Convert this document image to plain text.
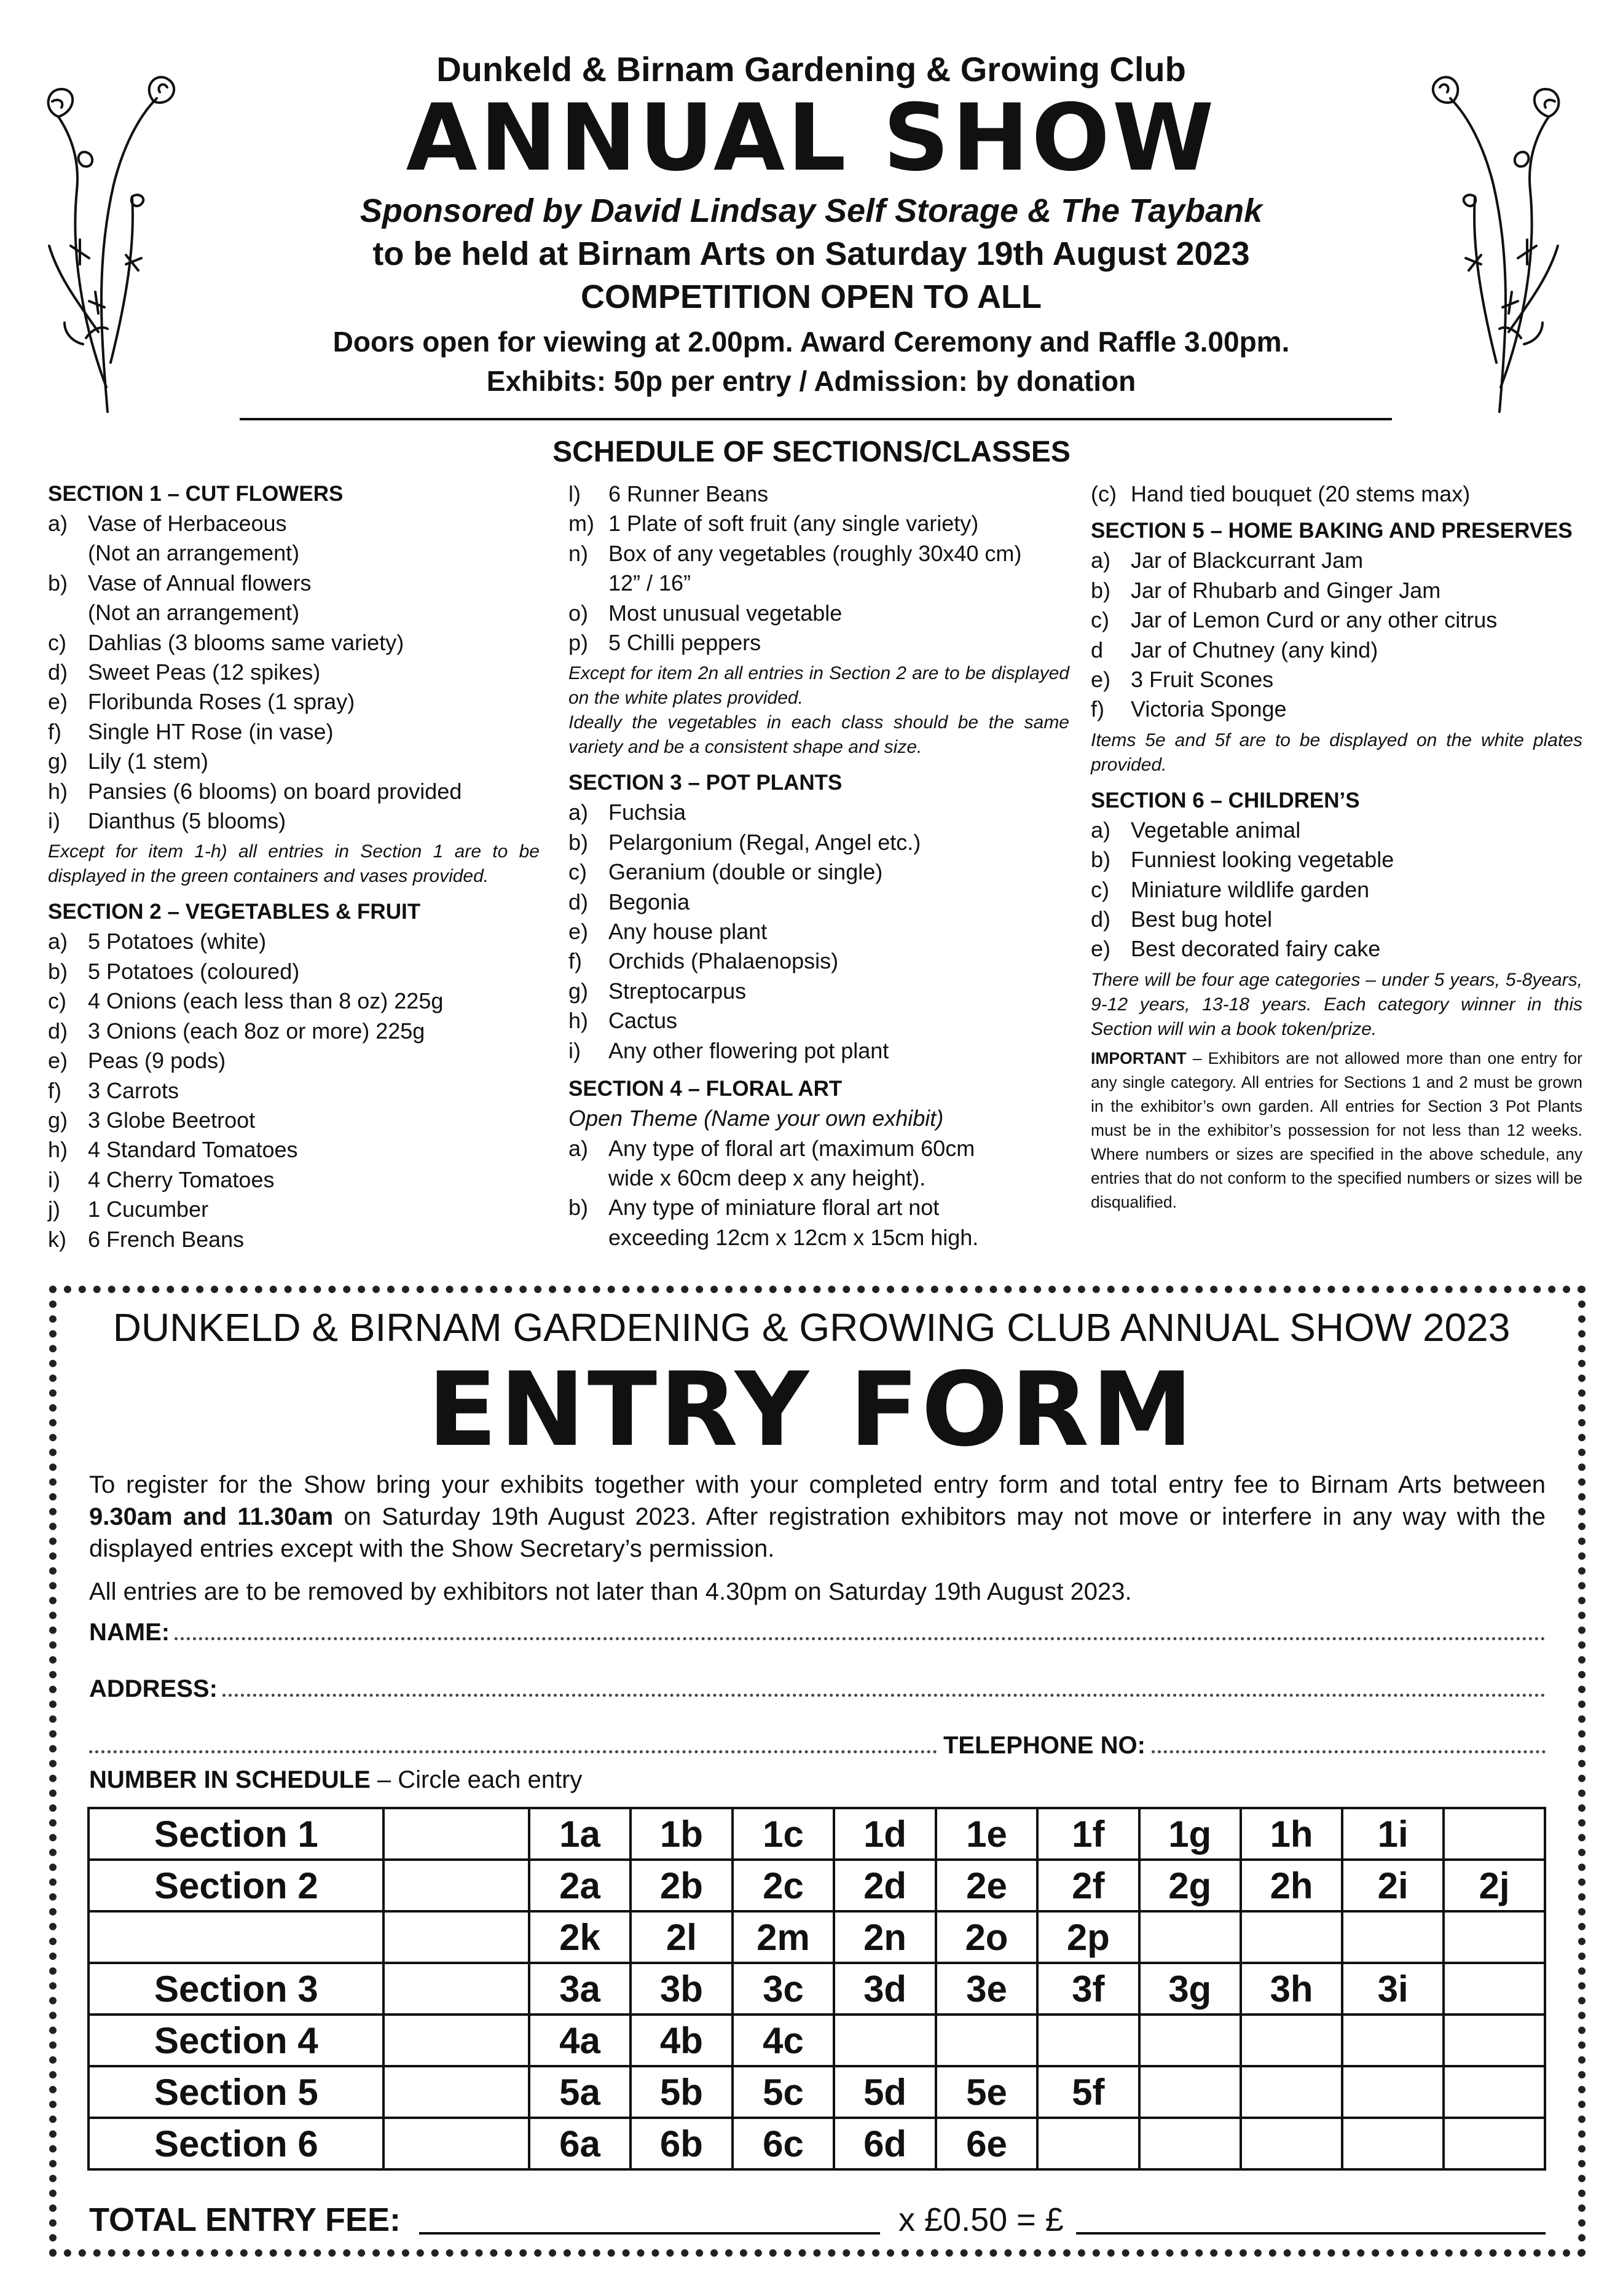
Dunkeld & Birnam Gardening & Growing Club

ANNUAL SHOW

Sponsored by David Lindsay Self Storage & The Taybank

to be held at Birnam Arts on Saturday 19th August 2023

COMPETITION OPEN TO ALL

Doors open for viewing at 2.00pm. Award Ceremony and Raffle 3.00pm.

Exhibits: 50p per entry / Admission: by donation

SCHEDULE OF SECTIONS/CLASSES

SECTION 1 – CUT FLOWERS

a) Vase of Herbaceous
(Not an arrangement)
b) Vase of Annual flowers
(Not an arrangement)
c) Dahlias (3 blooms same variety)
d) Sweet Peas (12 spikes)
e) Floribunda Roses (1 spray)
f)	Single HT Rose (in vase)
g) Lily (1 stem)
h) Pansies (6 blooms) on board provided
i)	Dianthus (5 blooms)

Except for item 1-h) all entries in Section 1 are to be displayed in the green containers and vases provided.

SECTION 2 – VEGETABLES & FRUIT

a) 5 Potatoes (white)
b) 5 Potatoes (coloured)
c) 4 Onions (each less than 8 oz) 225g
d) 3 Onions (each 8oz or more) 225g
e) Peas (9 pods)
f)	3 Carrots
g) 3 Globe Beetroot
h) 4 Standard Tomatoes
i)	4 Cherry Tomatoes
j)	1 Cucumber
k) 6 French Beans
l)	6 Runner Beans
m) 1 Plate of soft fruit (any single variety)
n) Box of any vegetables (roughly 30x40 cm)
12” / 16”
o) Most unusual vegetable
p) 5 Chilli peppers

Except for item 2n all entries in Section 2 are to be displayed on the white plates provided.

Ideally the vegetables in each class should be the same variety and be a consistent shape and size.

SECTION 3 – POT PLANTS

a) Fuchsia
b) Pelargonium (Regal, Angel etc.)
c) Geranium (double or single)
d) Begonia
e) Any house plant
f)	Orchids (Phalaenopsis)
g) Streptocarpus
h) Cactus
i)	Any other flowering pot plant

SECTION 4 – FLORAL ART

Open Theme (Name your own exhibit)

a) Any type of floral art (maximum 60cm
wide x 60cm deep x any height).
b) Any type of miniature floral art not
exceeding 12cm x 12cm x 15cm high.
(c) Hand tied bouquet (20 stems max)

SECTION 5 – HOME BAKING AND PRESERVES

a) Jar of Blackcurrant Jam
b) Jar of Rhubarb and Ginger Jam
c) Jar of Lemon Curd or any other citrus
d	Jar of Chutney (any kind)
e) 3 Fruit Scones
f)	Victoria Sponge

Items 5e and 5f are to be displayed on the white plates provided.

SECTION 6 – CHILDREN’S

a) Vegetable animal
b) Funniest looking vegetable
c) Miniature wildlife garden
d) Best bug hotel
e) Best decorated fairy cake

There will be four age categories – under 5 years, 5-8years, 9-12 years, 13-18 years. Each category winner in this Section will win a book token/prize.

IMPORTANT – Exhibitors are not allowed more than one entry for any single category. All entries for Sections 1 and 2 must be grown in the exhibitor’s own garden. All entries for Section 3 Pot Plants must be in the exhibitor’s possession for not less than 12 weeks. Where numbers or sizes are specified in the above schedule, any entries that do not conform to the specified numbers or sizes will be disqualified.

DUNKELD & BIRNAM GARDENING & GROWING CLUB ANNUAL SHOW 2023
ENTRY FORM

To register for the Show bring your exhibits together with your completed entry form and total entry fee to Birnam Arts between 9.30am and 11.30am on Saturday 19th August 2023. After registration exhibitors may not move or interfere in any way with the displayed entries except with the Show Secretary’s permission.

All entries are to be removed by exhibitors not later than 4.30pm on Saturday 19th August 2023.

NAME:
ADDRESS:
TELEPHONE NO:
NUMBER IN SCHEDULE – Circle each entry
Section 1		1a	1b	1c	1d	1e	1f	1g	1h	1i	
Section 2		2a	2b	2c	2d	2e	2f	2g	2h	2i	2j
		2k	2l	2m	2n	2o	2p				
Section 3		3a	3b	3c	3d	3e	3f	3g	3h	3i	
Section 4		4a	4b	4c							
Section 5		5a	5b	5c	5d	5e	5f				
Section 6		6a	6b	6c	6d	6e					
TOTAL ENTRY FEE:	x £0.50 = £
